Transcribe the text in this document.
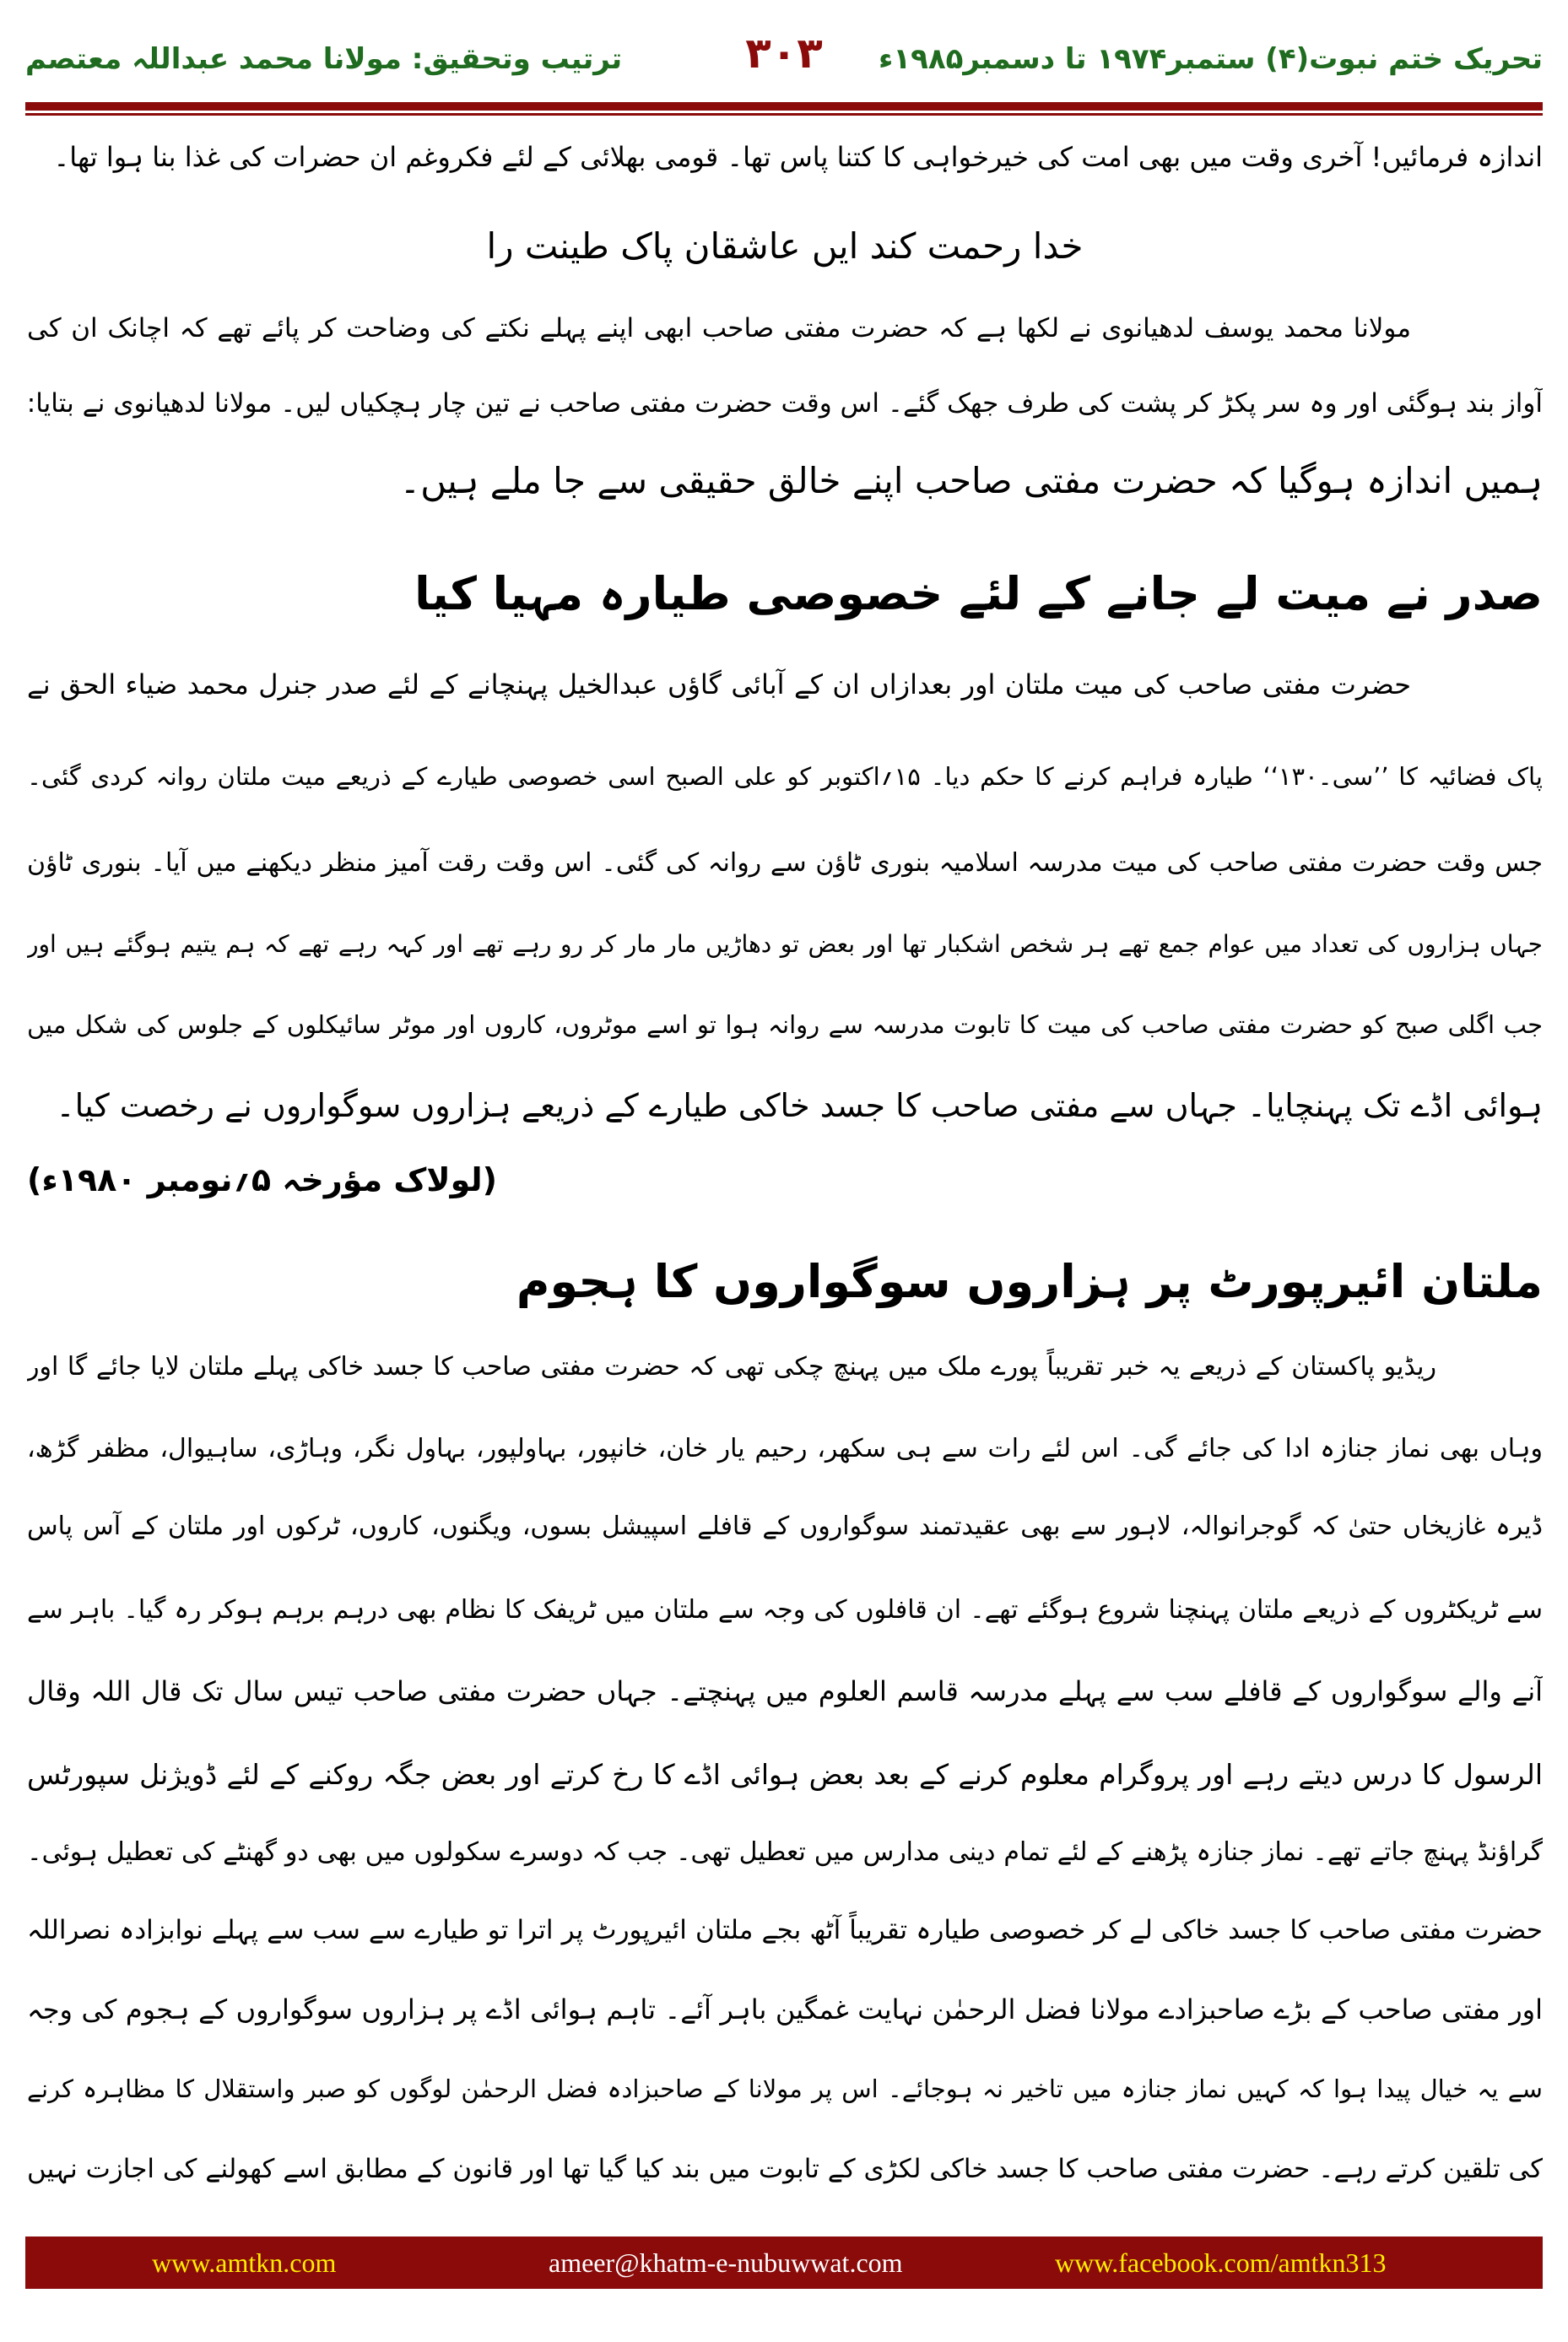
تحریک ختم نبوت(۴) ستمبر۱۹۷۴ تا دسمبر۱۹۸۵ء
۳۰۳
ترتیب وتحقیق: مولانا محمد عبداللہ معتصم
اندازہ فرمائیں! آخری وقت میں بھی امت کی خیرخواہی کا کتنا پاس تھا۔ قومی بھلائی کے لئے فکروغم ان حضرات کی غذا بنا ہوا تھا۔
خدا رحمت کند ایں عاشقان پاک طینت را
مولانا محمد یوسف لدھیانوی نے لکھا ہے کہ حضرت مفتی صاحب ابھی اپنے پہلے نکتے کی وضاحت کر پائے تھے کہ اچانک ان کی
آواز بند ہوگئی اور وہ سر پکڑ کر پشت کی طرف جھک گئے۔ اس وقت حضرت مفتی صاحب نے تین چار ہچکیاں لیں۔ مولانا لدھیانوی نے بتایا:
ہمیں اندازہ ہوگیا کہ حضرت مفتی صاحب اپنے خالق حقیقی سے جا ملے ہیں۔
صدر نے میت لے جانے کے لئے خصوصی طیارہ مہیا کیا
حضرت مفتی صاحب کی میت ملتان اور بعدازاں ان کے آبائی گاؤں عبدالخیل پہنچانے کے لئے صدر جنرل محمد ضیاء الحق نے
پاک فضائیہ کا ’’سی۔۱۳۰‘‘ طیارہ فراہم کرنے کا حکم دیا۔ ۱۵؍اکتوبر کو علی الصبح اسی خصوصی طیارے کے ذریعے میت ملتان روانہ کردی گئی۔
جس وقت حضرت مفتی صاحب کی میت مدرسہ اسلامیہ بنوری ٹاؤن سے روانہ کی گئی۔ اس وقت رقت آمیز منظر دیکھنے میں آیا۔ بنوری ٹاؤن
جہاں ہزاروں کی تعداد میں عوام جمع تھے ہر شخص اشکبار تھا اور بعض تو دھاڑیں مار مار کر رو رہے تھے اور کہہ رہے تھے کہ ہم یتیم ہوگئے ہیں اور
جب اگلی صبح کو حضرت مفتی صاحب کی میت کا تابوت مدرسہ سے روانہ ہوا تو اسے موٹروں، کاروں اور موٹر سائیکلوں کے جلوس کی شکل میں
ہوائی اڈے تک پہنچایا۔ جہاں سے مفتی صاحب کا جسد خاکی طیارے کے ذریعے ہزاروں سوگواروں نے رخصت کیا۔
(لولاک مؤرخہ ۵؍نومبر ۱۹۸۰ء)
ملتان ائیرپورٹ پر ہزاروں سوگواروں کا ہجوم
ریڈیو پاکستان کے ذریعے یہ خبر تقریباً پورے ملک میں پہنچ چکی تھی کہ حضرت مفتی صاحب کا جسد خاکی پہلے ملتان لایا جائے گا اور
وہاں بھی نماز جنازہ ادا کی جائے گی۔ اس لئے رات سے ہی سکھر، رحیم یار خان، خانپور، بہاولپور، بہاول نگر، وہاڑی، ساہیوال، مظفر گڑھ،
ڈیرہ غازیخاں حتیٰ کہ گوجرانوالہ، لاہور سے بھی عقیدتمند سوگواروں کے قافلے اسپیشل بسوں، ویگنوں، کاروں، ٹرکوں اور ملتان کے آس پاس
سے ٹریکٹروں کے ذریعے ملتان پہنچنا شروع ہوگئے تھے۔ ان قافلوں کی وجہ سے ملتان میں ٹریفک کا نظام بھی درہم برہم ہوکر رہ گیا۔ باہر سے
آنے والے سوگواروں کے قافلے سب سے پہلے مدرسہ قاسم العلوم میں پہنچتے۔ جہاں حضرت مفتی صاحب تیس سال تک قال اللہ وقال
الرسول کا درس دیتے رہے اور پروگرام معلوم کرنے کے بعد بعض ہوائی اڈے کا رخ کرتے اور بعض جگہ روکنے کے لئے ڈویژنل سپورٹس
گراؤنڈ پہنچ جاتے تھے۔ نماز جنازہ پڑھنے کے لئے تمام دینی مدارس میں تعطیل تھی۔ جب کہ دوسرے سکولوں میں بھی دو گھنٹے کی تعطیل ہوئی۔
حضرت مفتی صاحب کا جسد خاکی لے کر خصوصی طیارہ تقریباً آٹھ بجے ملتان ائیرپورٹ پر اترا تو طیارے سے سب سے پہلے نوابزادہ نصراللہ
اور مفتی صاحب کے بڑے صاحبزادے مولانا فضل الرحمٰن نہایت غمگین باہر آئے۔ تاہم ہوائی اڈے پر ہزاروں سوگواروں کے ہجوم کی وجہ
سے یہ خیال پیدا ہوا کہ کہیں نماز جنازہ میں تاخیر نہ ہوجائے۔ اس پر مولانا کے صاحبزادہ فضل الرحمٰن لوگوں کو صبر واستقلال کا مظاہرہ کرنے
کی تلقین کرتے رہے۔ حضرت مفتی صاحب کا جسد خاکی لکڑی کے تابوت میں بند کیا گیا تھا اور قانون کے مطابق اسے کھولنے کی اجازت نہیں
www.amtkn.com	ameer@khatm-e-nubuwwat.com	www.facebook.com/amtkn313
